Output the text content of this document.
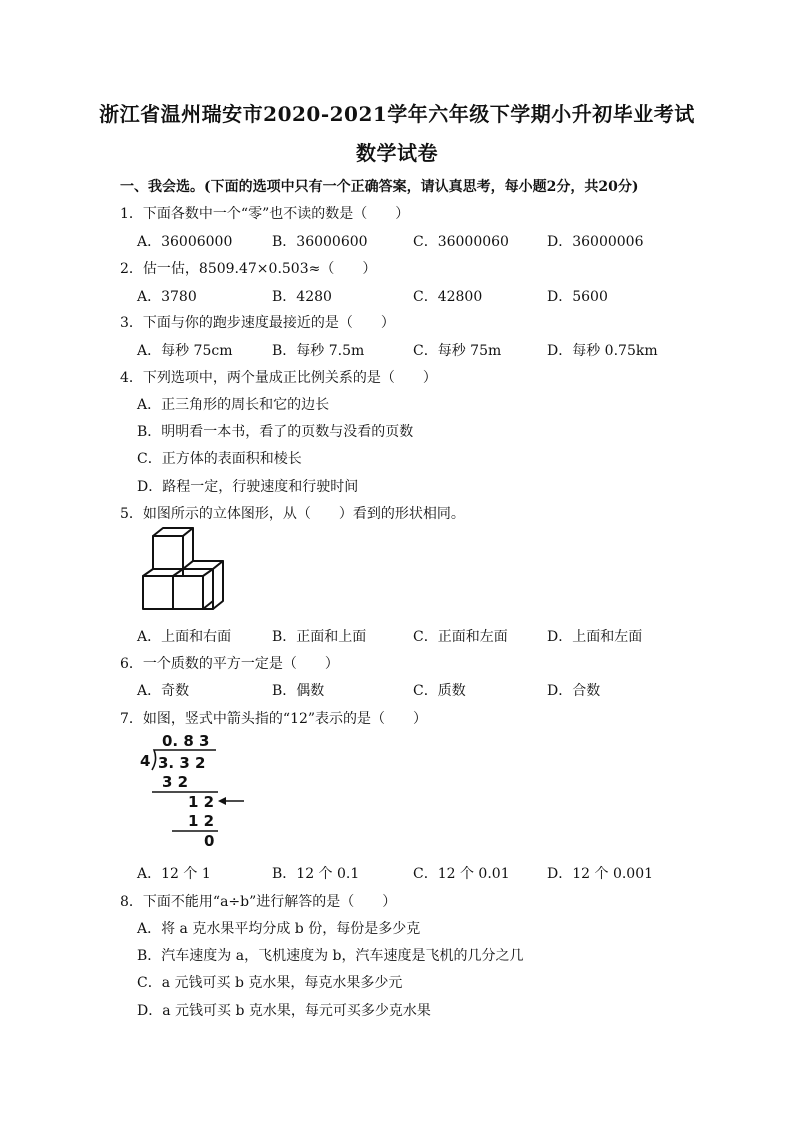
浙江省温州瑞安市2020-2021学年六年级下学期小升初毕业考试
数学试卷
一、我会选。(下面的选项中只有一个正确答案，请认真思考，每小题2分，共20分)
1．下面各数中一个“零”也不读的数是（　　）
A．36006000	B．36000600	C．36000060	D．36000006
2．估一估，8509.47×0.503≈（　　）
A．3780	B．4280	C．42800	D．5600
3．下面与你的跑步速度最接近的是（　　）
A．每秒 75cm	B．每秒 7.5m	C．每秒 75m	D．每秒 0.75km
4．下列选项中，两个量成正比例关系的是（　　）
A．正三角形的周长和它的边长
B．明明看一本书，看了的页数与没看的页数
C．正方体的表面积和棱长
D．路程一定，行驶速度和行驶时间
5．如图所示的立体图形，从（　　）看到的形状相同。
A．上面和右面	B．正面和上面	C．正面和左面	D．上面和左面
6．一个质数的平方一定是（　　）
A．奇数	B．偶数	C．质数	D．合数
7．如图，竖式中箭头指的“12”表示的是（　　）
0. 8 3
4 3. 3 2
3 2
1 2
1 2
0
A．12 个 1	B．12 个 0.1	C．12 个 0.01	D．12 个 0.001
8．下面不能用“a÷b”进行解答的是（　　）
A．将 a 克水果平均分成 b 份，每份是多少克
B．汽车速度为 a，飞机速度为 b，汽车速度是飞机的几分之几
C．a 元钱可买 b 克水果，每克水果多少元
D．a 元钱可买 b 克水果，每元可买多少克水果
